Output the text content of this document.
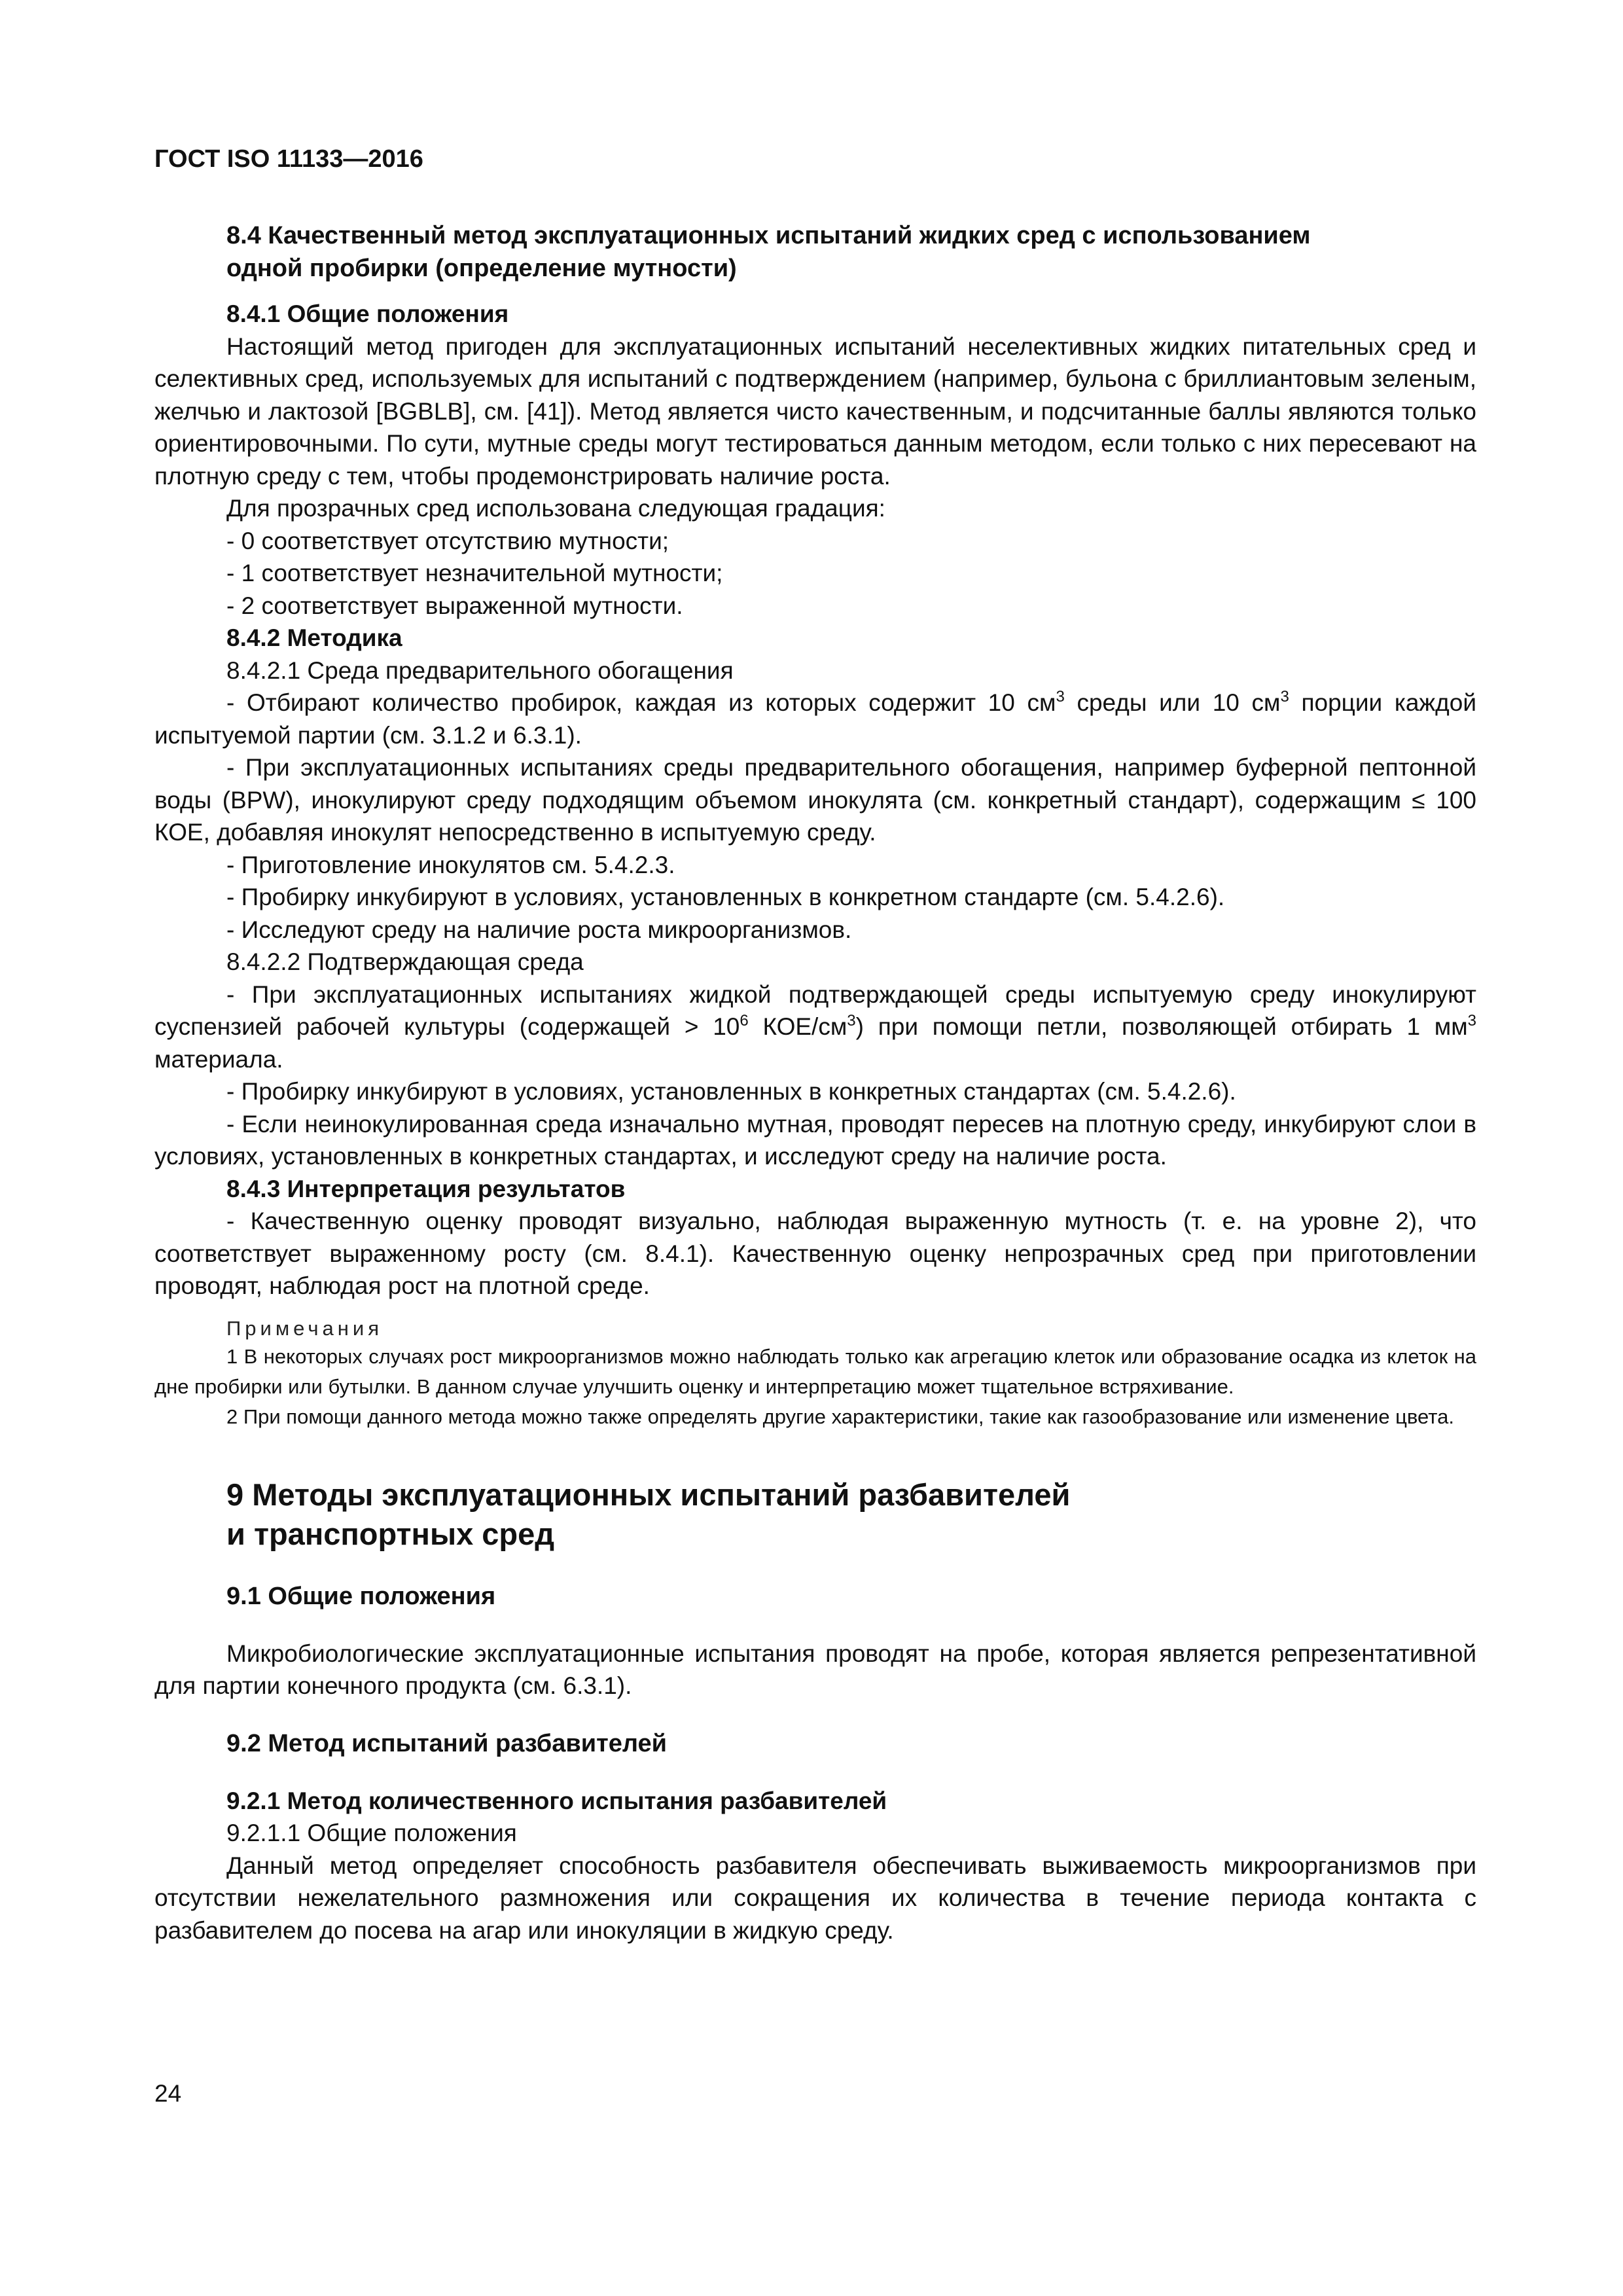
ГОСТ ISO 11133—2016
8.4 Качественный метод эксплуатационных испытаний жидких сред с использованием
одной пробирки (определение мутности)

8.4.1 Общие положения

Настоящий метод пригоден для эксплуатационных испытаний неселективных жидких питательных сред и селективных сред, используемых для испытаний с подтверждением (например, бульона с бриллиантовым зеленым, желчью и лактозой [BGBLB], см. [41]). Метод является чисто качественным, и подсчитанные баллы являются только ориентировочными. По сути, мутные среды могут тестироваться данным методом, если только с них пересевают на плотную среду с тем, чтобы продемонстрировать наличие роста.

Для прозрачных сред использована следующая градация:

- 0 соответствует отсутствию мутности;

- 1 соответствует незначительной мутности;

- 2 соответствует выраженной мутности.

8.4.2 Методика

8.4.2.1 Среда предварительного обогащения

- Отбирают количество пробирок, каждая из которых содержит 10 $см^3$ среды или 10 $см^3$ порции каждой испытуемой партии (см. 3.1.2 и 6.3.1).

- При эксплуатационных испытаниях среды предварительного обогащения, например буферной пептонной воды (BPW), инокулируют среду подходящим объемом инокулята (см. конкретный стандарт), содержащим ≤ 100 КОЕ, добавляя инокулят непосредственно в испытуемую среду.

- Приготовление инокулятов см. 5.4.2.3.

- Пробирку инкубируют в условиях, установленных в конкретном стандарте (см. 5.4.2.6).

- Исследуют среду на наличие роста микроорганизмов.

8.4.2.2 Подтверждающая среда

- При эксплуатационных испытаниях жидкой подтверждающей среды испытуемую среду инокулируют суспензией рабочей культуры (содержащей > $10^6$ КОЕ/$см^3$) при помощи петли, позволяющей отбирать 1 $мм^3$ материала.

- Пробирку инкубируют в условиях, установленных в конкретных стандартах (см. 5.4.2.6).

- Если неинокулированная среда изначально мутная, проводят пересев на плотную среду, инкубируют слои в условиях, установленных в конкретных стандартах, и исследуют среду на наличие роста.

8.4.3 Интерпретация результатов

- Качественную оценку проводят визуально, наблюдая выраженную мутность (т. е. на уровне 2), что соответствует выраженному росту (см. 8.4.1). Качественную оценку непрозрачных сред при приготовлении проводят, наблюдая рост на плотной среде.

Примечания

1 В некоторых случаях рост микроорганизмов можно наблюдать только как агрегацию клеток или образование осадка из клеток на дне пробирки или бутылки. В данном случае улучшить оценку и интерпретацию может тщательное встряхивание.

2 При помощи данного метода можно также определять другие характеристики, такие как газообразование или изменение цвета.

9 Методы эксплуатационных испытаний разбавителей
и транспортных сред
9.1 Общие положения

Микробиологические эксплуатационные испытания проводят на пробе, которая является репрезентативной для партии конечного продукта (см. 6.3.1).

9.2 Метод испытаний разбавителей

9.2.1 Метод количественного испытания разбавителей

9.2.1.1 Общие положения

Данный метод определяет способность разбавителя обеспечивать выживаемость микроорганизмов при отсутствии нежелательного размножения или сокращения их количества в течение периода контакта с разбавителем до посева на агар или инокуляции в жидкую среду.

24
